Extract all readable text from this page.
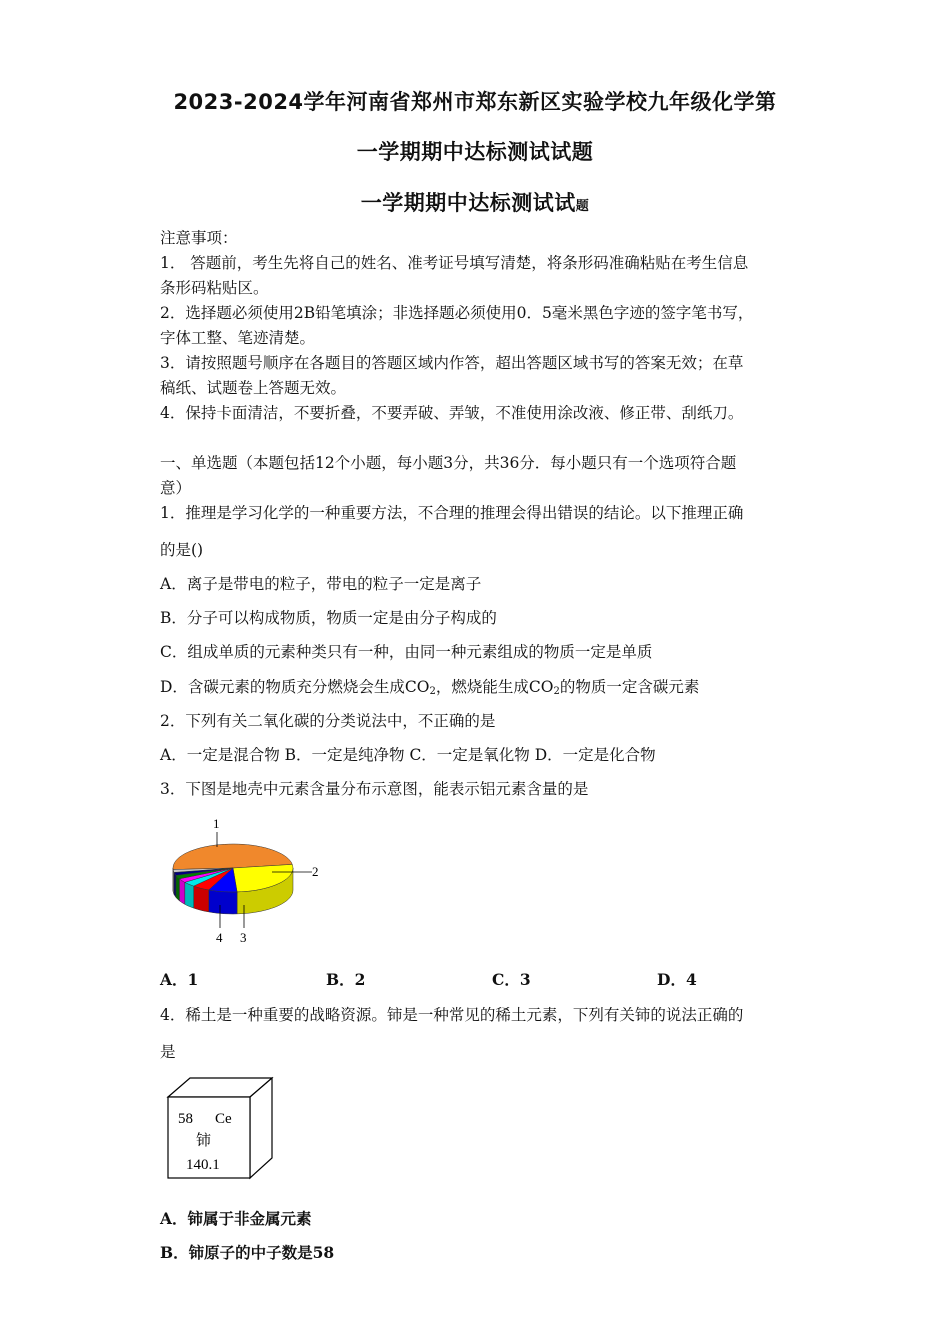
2023-2024学年河南省郑州市郑东新区实验学校九年级化学第
一学期期中达标测试试题
一学期期中达标测试试题
注意事项：
1． 答题前，考生先将自己的姓名、准考证号填写清楚，将条形码准确粘贴在考生信息
条形码粘贴区。
2．选择题必须使用2B铅笔填涂；非选择题必须使用0．5毫米黑色字迹的签字笔书写，
字体工整、笔迹清楚。
3．请按照题号顺序在各题目的答题区域内作答，超出答题区域书写的答案无效；在草
稿纸、试题卷上答题无效。
4．保持卡面清洁，不要折叠，不要弄破、弄皱，不准使用涂改液、修正带、刮纸刀。
一、单选题（本题包括12个小题，每小题3分，共36分．每小题只有一个选项符合题
意）
1．推理是学习化学的一种重要方法，不合理的推理会得出错误的结论。以下推理正确
的是()
A．离子是带电的粒子，带电的粒子一定是离子
B．分子可以构成物质，物质一定是由分子构成的
C．组成单质的元素种类只有一种，由同一种元素组成的物质一定是单质
D．含碳元素的物质充分燃烧会生成$CO_2$，燃烧能生成$CO_2$的物质一定含碳元素
2．下列有关二氧化碳的分类说法中，不正确的是
A．一定是混合物 B．一定是纯净物 C．一定是氧化物 D．一定是化合物
3．下图是地壳中元素含量分布示意图，能表示铝元素含量的是
1
2
4 3
A．1	B．2	C．3	D．4
4．稀土是一种重要的战略资源。铈是一种常见的稀土元素，下列有关铈的说法正确的
是
58 Ce
铈
140.1
A．铈属于非金属元素
B．铈原子的中子数是58
